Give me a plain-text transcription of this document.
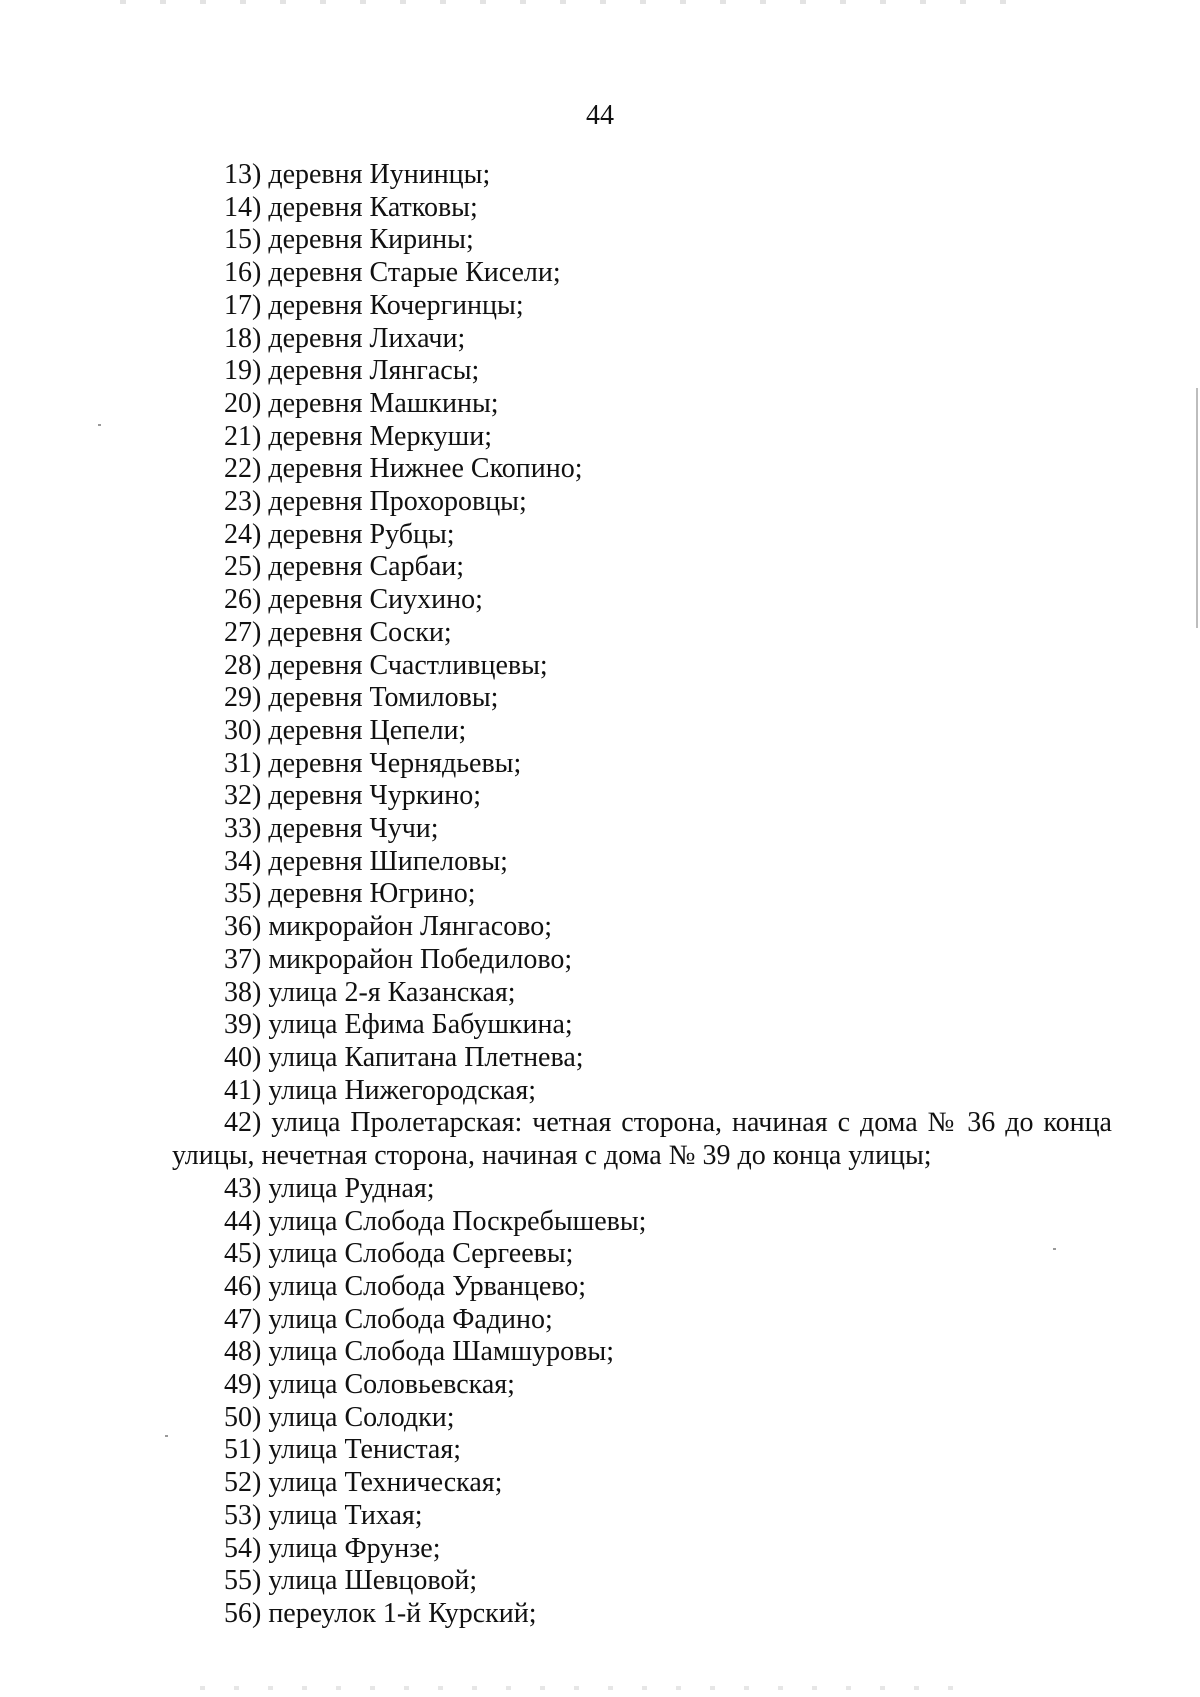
44
13) деревня Иунинцы;
14) деревня Катковы;
15) деревня Кирины;
16) деревня Старые Кисели;
17) деревня Кочергинцы;
18) деревня Лихачи;
19) деревня Лянгасы;
20) деревня Машкины;
21) деревня Меркуши;
22) деревня Нижнее Скопино;
23) деревня Прохоровцы;
24) деревня Рубцы;
25) деревня Сарбаи;
26) деревня Сиухино;
27) деревня Соски;
28) деревня Счастливцевы;
29) деревня Томиловы;
30) деревня Цепели;
31) деревня Чернядьевы;
32) деревня Чуркино;
33) деревня Чучи;
34) деревня Шипеловы;
35) деревня Югрино;
36) микрорайон Лянгасово;
37) микрорайон Победилово;
38) улица 2-я Казанская;
39) улица Ефима Бабушкина;
40) улица Капитана Плетнева;
41) улица Нижегородская;
42) улица Пролетарская: четная сторона, начиная с дома № 36 до конца улицы, нечетная сторона, начиная с дома № 39 до конца улицы;
43) улица Рудная;
44) улица Слобода Поскребышевы;
45) улица Слобода Сергеевы;
46) улица Слобода Урванцево;
47) улица Слобода Фадино;
48) улица Слобода Шамшуровы;
49) улица Соловьевская;
50) улица Солодки;
51) улица Тенистая;
52) улица Техническая;
53) улица Тихая;
54) улица Фрунзе;
55) улица Шевцовой;
56) переулок 1-й Курский;
